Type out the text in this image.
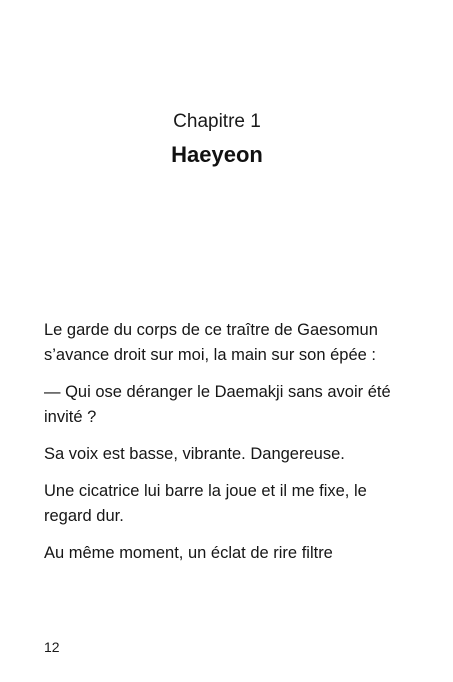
Chapitre 1
Haeyeon

Le garde du corps de ce traître de Gaesomun s’avance droit sur moi, la main sur son épée :

— Qui ose déranger le Daemakji sans avoir été invité ?

Sa voix est basse, vibrante. Dangereuse.

Une cicatrice lui barre la joue et il me fixe, le regard dur.

Au même moment, un éclat de rire filtre

12
